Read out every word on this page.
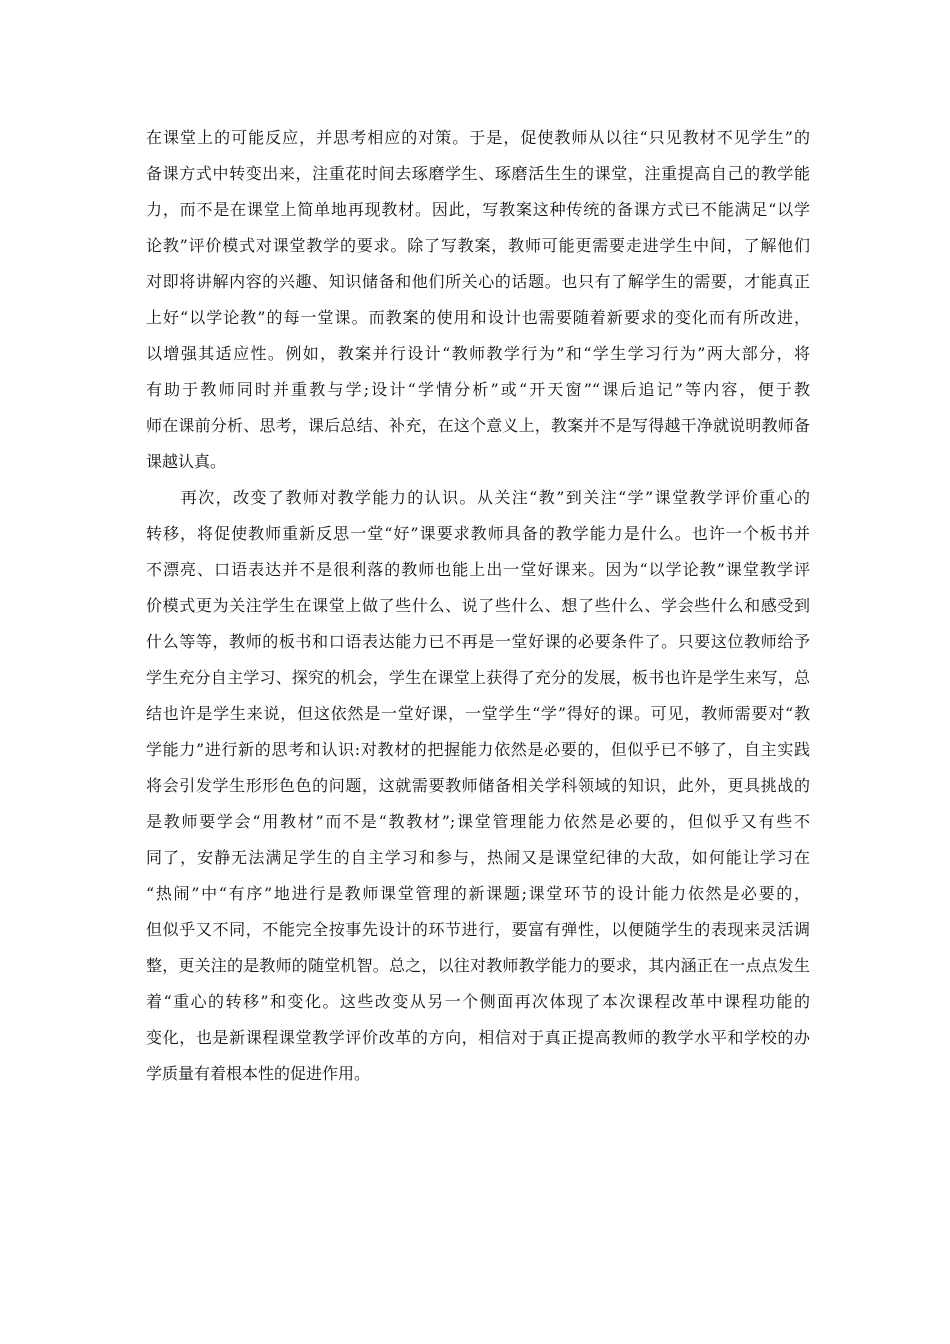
在课堂上的可能反应，并思考相应的对策。于是，促使教师从以往“只见教材不见学生”的
备课方式中转变出来，注重花时间去琢磨学生、琢磨活生生的课堂，注重提高自己的教学能
力，而不是在课堂上简单地再现教材。因此，写教案这种传统的备课方式已不能满足“以学
论教”评价模式对课堂教学的要求。除了写教案，教师可能更需要走进学生中间，了解他们
对即将讲解内容的兴趣、知识储备和他们所关心的话题。也只有了解学生的需要，才能真正
上好“以学论教”的每一堂课。而教案的使用和设计也需要随着新要求的变化而有所改进，
以增强其适应性。例如，教案并行设计“教师教学行为”和“学生学习行为”两大部分，将
有助于教师同时并重教与学;设计“学情分析”或“开天窗”“课后追记”等内容，便于教
师在课前分析、思考，课后总结、补充，在这个意义上，教案并不是写得越干净就说明教师备
课越认真。
　　再次，改变了教师对教学能力的认识。从关注“教”到关注“学”课堂教学评价重心的
转移，将促使教师重新反思一堂“好”课要求教师具备的教学能力是什么。也许一个板书并
不漂亮、口语表达并不是很利落的教师也能上出一堂好课来。因为“以学论教”课堂教学评
价模式更为关注学生在课堂上做了些什么、说了些什么、想了些什么、学会些什么和感受到
什么等等，教师的板书和口语表达能力已不再是一堂好课的必要条件了。只要这位教师给予
学生充分自主学习、探究的机会，学生在课堂上获得了充分的发展，板书也许是学生来写，总
结也许是学生来说，但这依然是一堂好课，一堂学生“学”得好的课。可见，教师需要对“教
学能力”进行新的思考和认识:对教材的把握能力依然是必要的，但似乎已不够了，自主实践
将会引发学生形形色色的问题，这就需要教师储备相关学科领域的知识，此外，更具挑战的
是教师要学会“用教材”而不是“教教材”;课堂管理能力依然是必要的，但似乎又有些不
同了，安静无法满足学生的自主学习和参与，热闹又是课堂纪律的大敌，如何能让学习在
“热闹”中“有序”地进行是教师课堂管理的新课题;课堂环节的设计能力依然是必要的，
但似乎又不同，不能完全按事先设计的环节进行，要富有弹性，以便随学生的表现来灵活调
整，更关注的是教师的随堂机智。总之，以往对教师教学能力的要求，其内涵正在一点点发生
着“重心的转移”和变化。这些改变从另一个侧面再次体现了本次课程改革中课程功能的
变化，也是新课程课堂教学评价改革的方向，相信对于真正提高教师的教学水平和学校的办
学质量有着根本性的促进作用。
